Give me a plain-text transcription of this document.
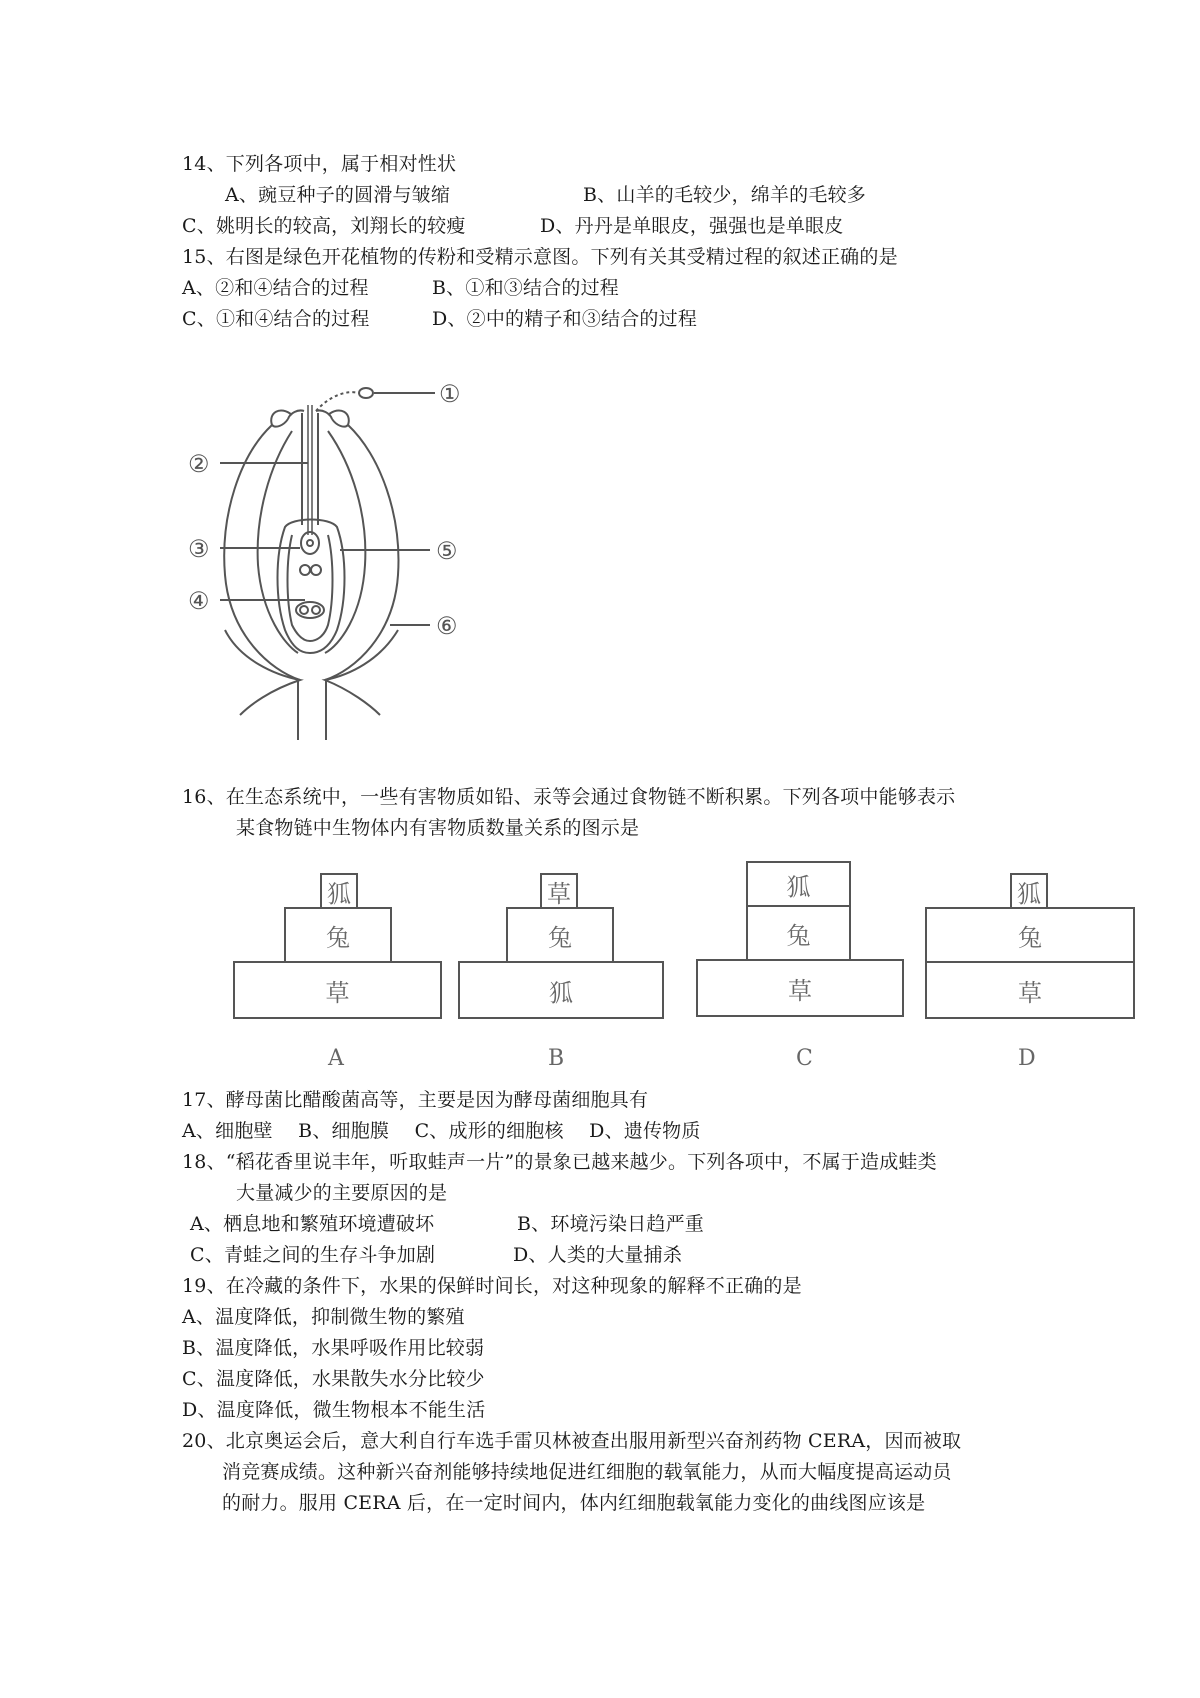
14、下列各项中，属于相对性状
A、豌豆种子的圆滑与皱缩	B、山羊的毛较少，绵羊的毛较多
C、姚明长的较高，刘翔长的较瘦	D、丹丹是单眼皮，强强也是单眼皮
15、右图是绿色开花植物的传粉和受精示意图。下列有关其受精过程的叙述正确的是
A、②和④结合的过程	B、①和③结合的过程
C、①和④结合的过程	D、②中的精子和③结合的过程
①
②
③
④
⑤
⑥
16、在生态系统中，一些有害物质如铅、汞等会通过食物链不断积累。下列各项中能够表示
某食物链中生物体内有害物质数量关系的图示是
狐
兔
草
A
草
兔
狐
B
狐
兔
草
C
狐
兔
草
D
17、酵母菌比醋酸菌高等，主要是因为酵母菌细胞具有
A、细胞壁　 B、细胞膜　 C、成形的细胞核　 D、遗传物质
18、“稻花香里说丰年，听取蛙声一片”的景象已越来越少。下列各项中，不属于造成蛙类
大量减少的主要原因的是
A、栖息地和繁殖环境遭破坏	B、环境污染日趋严重
C、青蛙之间的生存斗争加剧	D、人类的大量捕杀
19、在冷藏的条件下，水果的保鲜时间长，对这种现象的解释不正确的是
A、温度降低，抑制微生物的繁殖
B、温度降低，水果呼吸作用比较弱
C、温度降低，水果散失水分比较少
D、温度降低，微生物根本不能生活
20、北京奥运会后，意大利自行车选手雷贝林被查出服用新型兴奋剂药物 CERA，因而被取
消竞赛成绩。这种新兴奋剂能够持续地促进红细胞的载氧能力，从而大幅度提高运动员
的耐力。服用 CERA 后，在一定时间内，体内红细胞载氧能力变化的曲线图应该是
